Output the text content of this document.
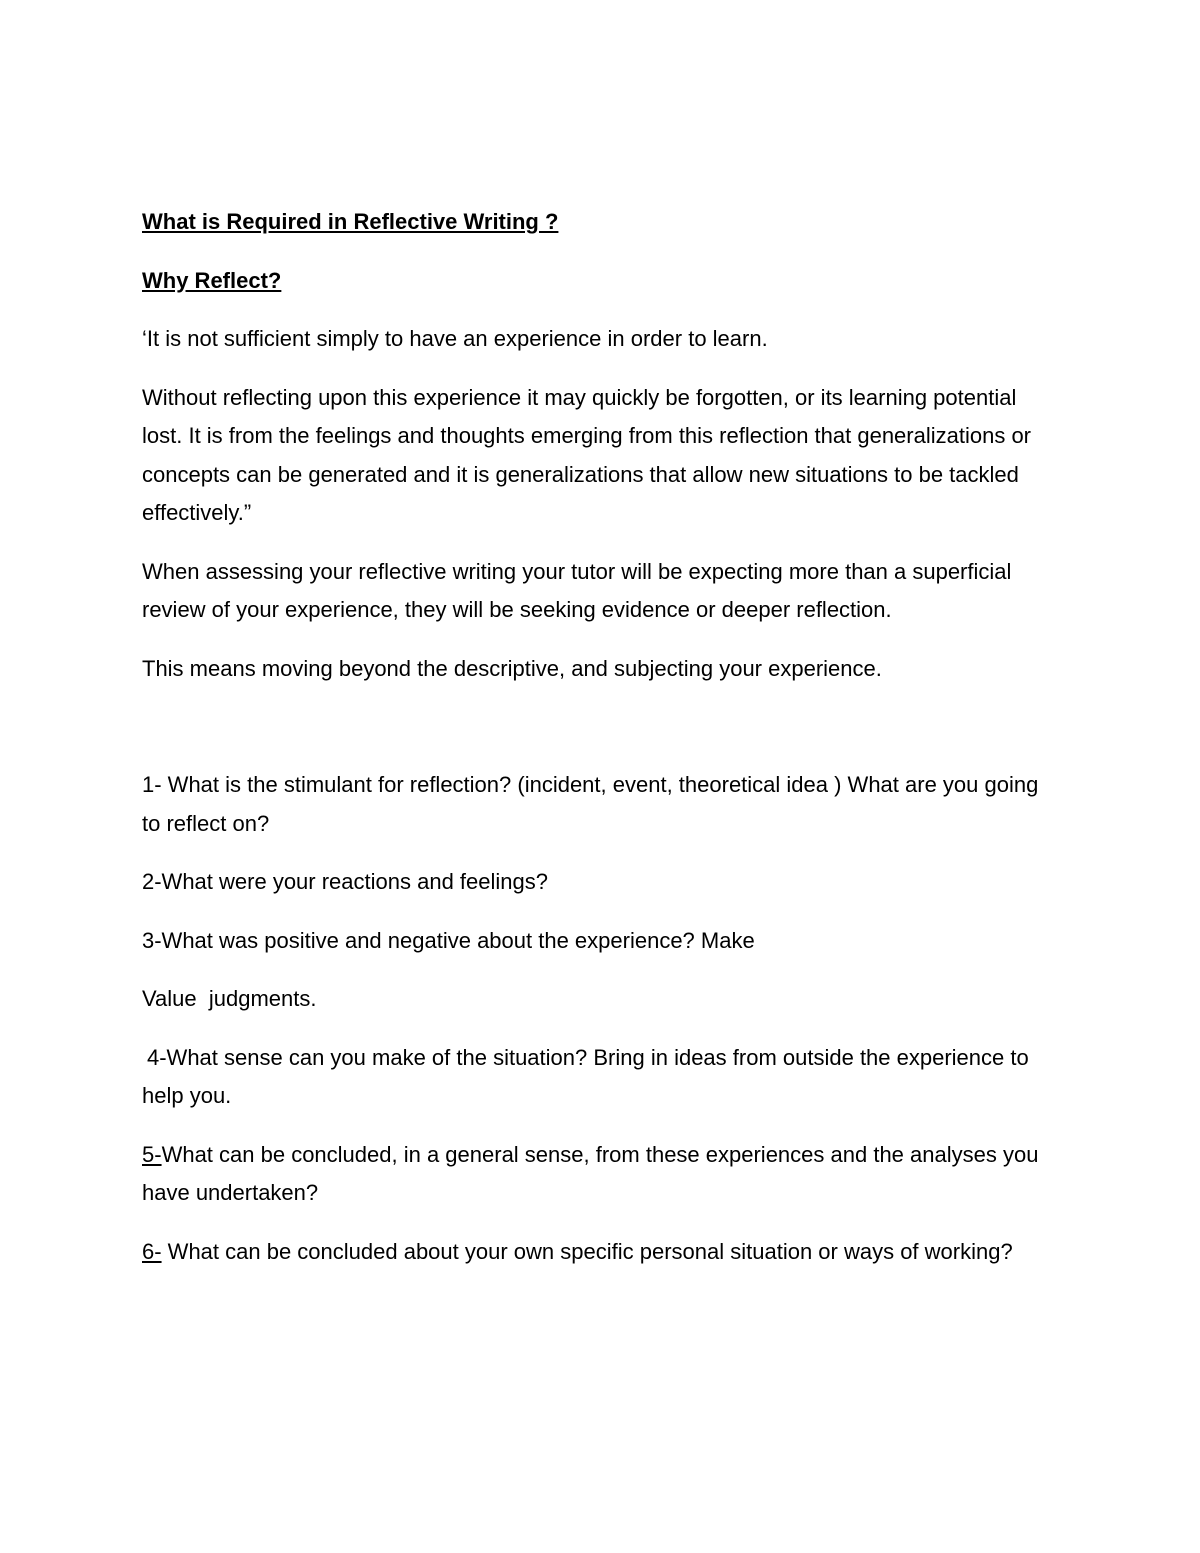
What is Required in Reflective Writing ?

Why Reflect?

‘It is not sufficient simply to have an experience in order to learn.

Without reflecting upon this experience it may quickly be forgotten, or its learning potential lost. It is from the feelings and thoughts emerging from this reflection that generalizations or concepts can be generated and it is generalizations that allow new situations to be tackled effectively.”

When assessing your reflective writing your tutor will be expecting more than a superficial review of your experience, they will be seeking evidence or deeper reflection.

This means moving beyond the descriptive, and subjecting your experience.

1- What is the stimulant for reflection? (incident, event, theoretical idea ) What are you going to reflect on?

2-What were your reactions and feelings?

3-What was positive and negative about the experience? Make

Value  judgments.

4-What sense can you make of the situation? Bring in ideas from outside the experience to help you.

5-What can be concluded, in a general sense, from these experiences and the analyses you have undertaken?

6- What can be concluded about your own specific personal situation or ways of working?
